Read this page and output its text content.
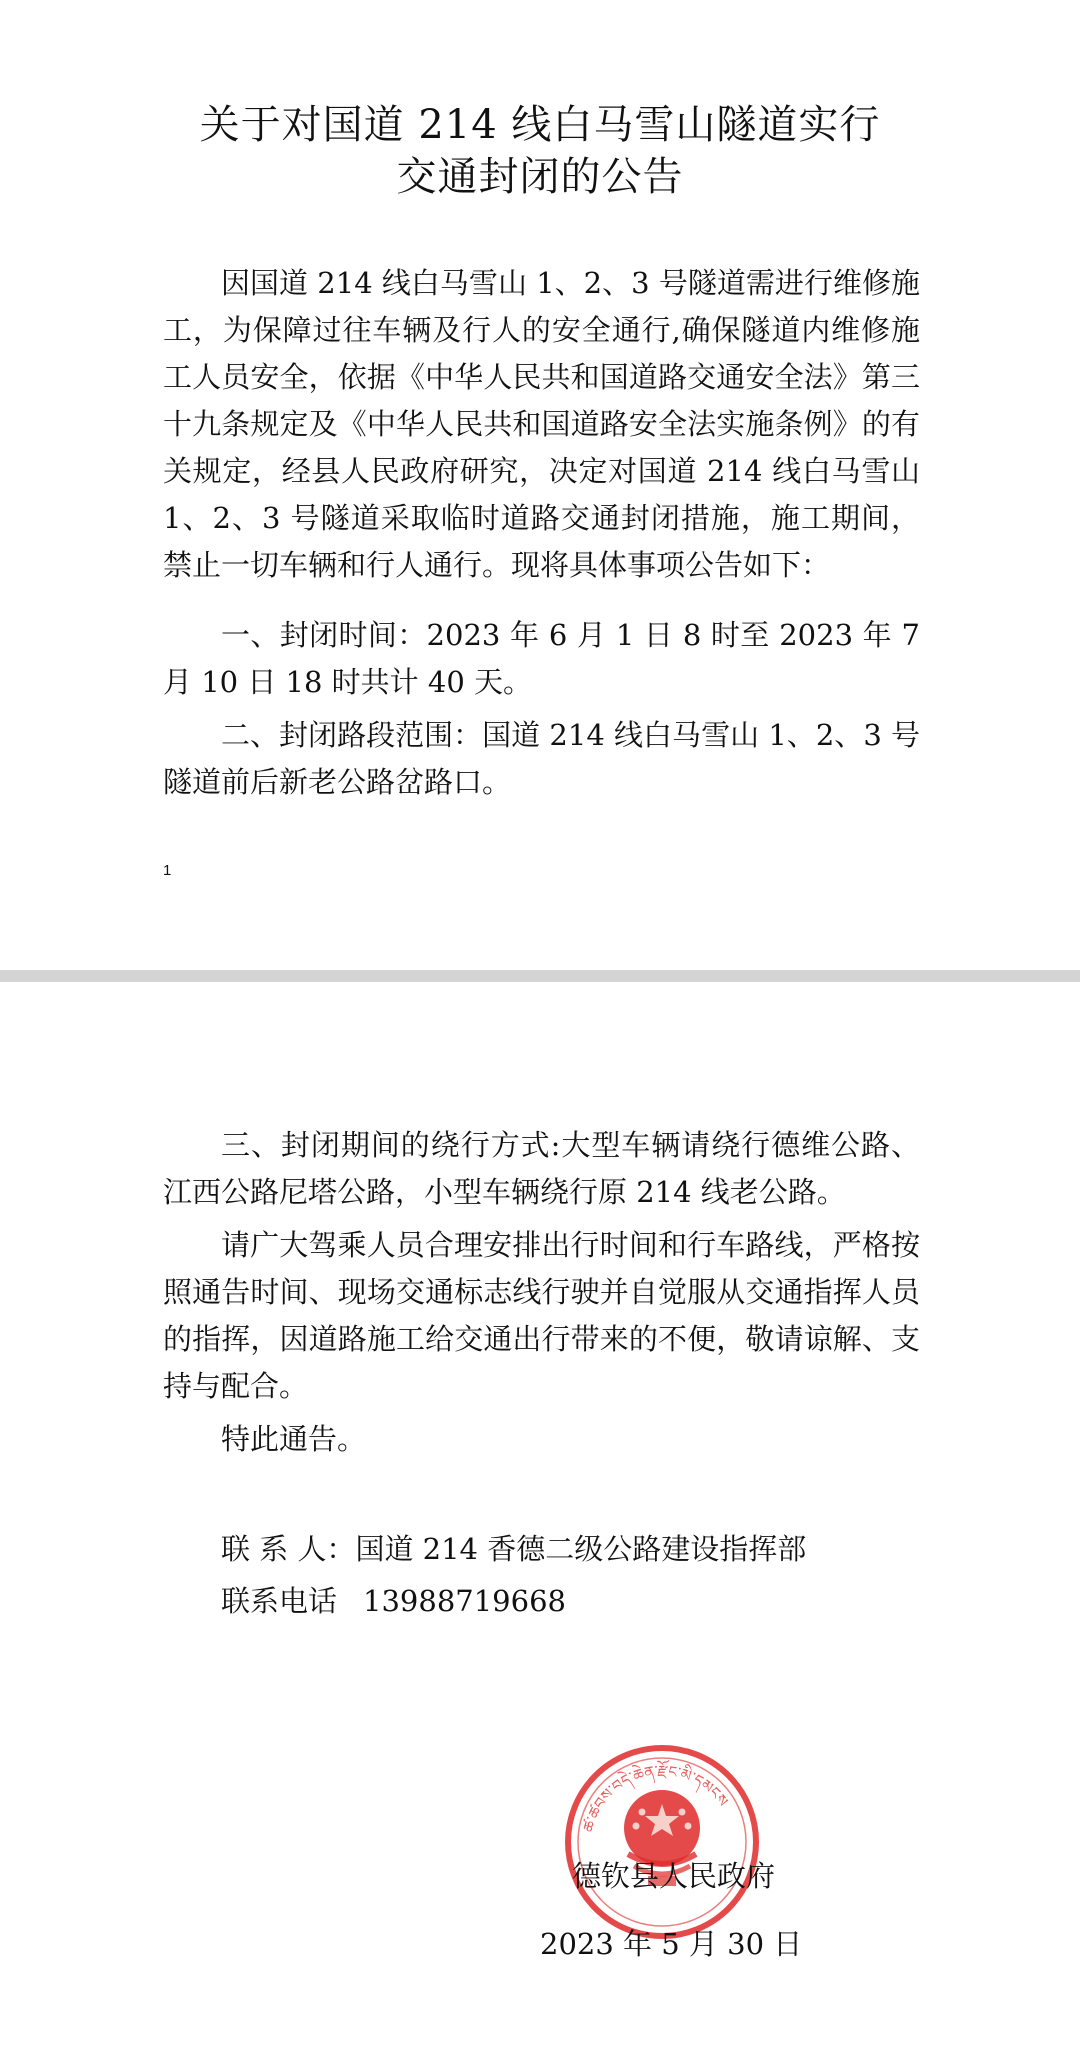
关于对国道 214 线白马雪山隧道实行
交通封闭的公告

因国道 214 线白马雪山 1、2、3 号隧道需进行维修施工，为保障过往车辆及行人的安全通行,确保隧道内维修施工人员安全，依据《中华人民共和国道路交通安全法》第三十九条规定及《中华人民共和国道路安全法实施条例》的有关规定，经县人民政府研究，决定对国道 214 线白马雪山 1、2、3 号隧道采取临时道路交通封闭措施，施工期间，禁止一切车辆和行人通行。现将具体事项公告如下：

一、封闭时间：2023 年 6 月 1 日 8 时至 2023 年 7 月 10 日 18 时共计 40 天。

二、封闭路段范围：国道 214 线白马雪山 1、2、3 号隧道前后新老公路岔路口。

1

三、封闭期间的绕行方式:大型车辆请绕行德维公路、江西公路尼塔公路，小型车辆绕行原 214 线老公路。

请广大驾乘人员合理安排出行时间和行车路线，严格按照通告时间、现场交通标志线行驶并自觉服从交通指挥人员的指挥，因道路施工给交通出行带来的不便，敬请谅解、支持与配合。

特此通告。

联 系 人：国道 214 香德二级公路建设指挥部
联系电话 13988719668
ཚ་ཚབས་བདེ་ཆེན་རྫོང་མི་དམངས
德钦县人民政府
2023 年 5 月 30 日
